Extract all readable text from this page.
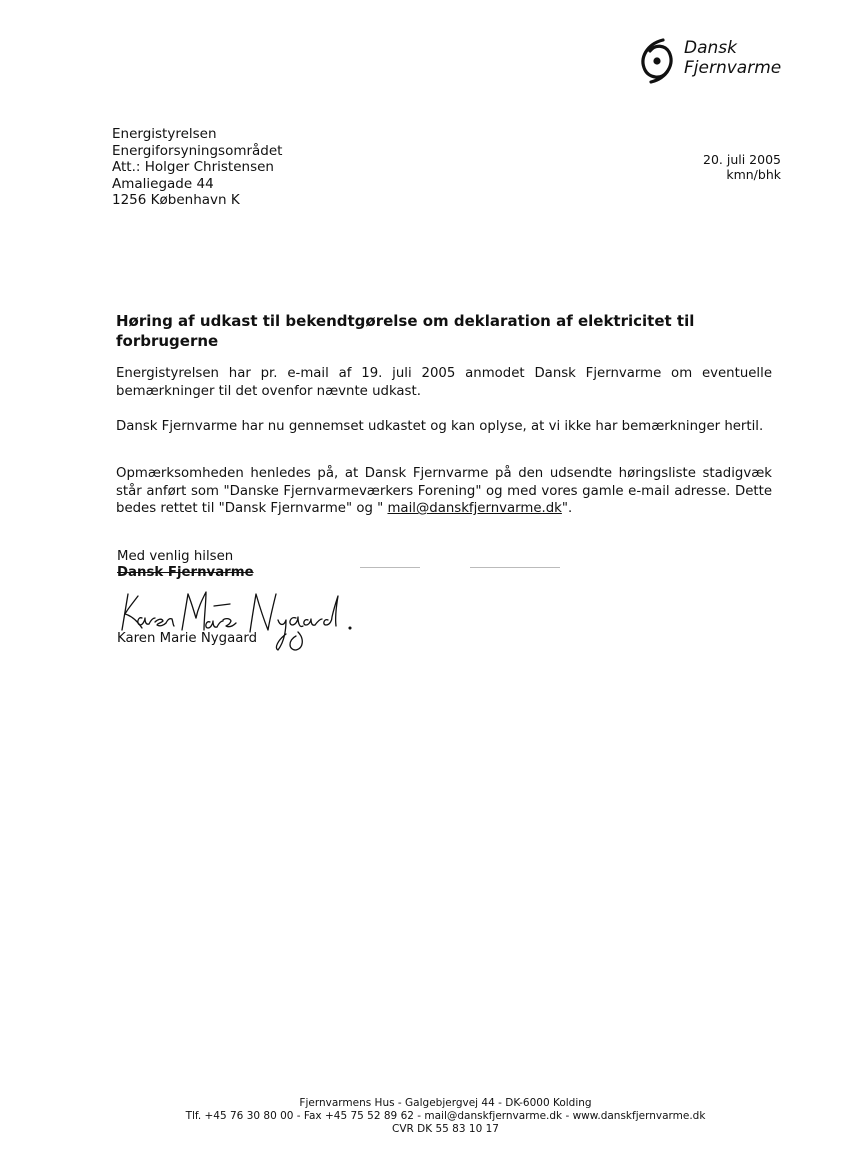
Dansk
Fjernvarme
Energistyrelsen
Energiforsyningsområdet
Att.: Holger Christensen
Amaliegade 44
1256 København K
20. juli 2005
kmn/bhk
Høring af udkast til bekendtgørelse om deklaration af elektricitet til forbrugerne
Energistyrelsen har pr. e-mail af 19. juli 2005 anmodet Dansk Fjernvarme om eventuelle bemærkninger til det ovenfor nævnte udkast.
Dansk Fjernvarme har nu gennemset udkastet og kan oplyse, at vi ikke har bemærkninger hertil.
Opmærksomheden henledes på, at Dansk Fjernvarme på den udsendte høringsliste stadigvæk står anført som "Danske Fjernvarmeværkers Forening" og med vores gamle e-mail adresse. Dette bedes rettet til "Dansk Fjernvarme" og " mail@danskfjernvarme.dk".
Med venlig hilsen
Dansk Fjernvarme
Karen Marie Nygaard
Fjernvarmens Hus - Galgebjergvej 44 - DK-6000 Kolding
Tlf. +45 76 30 80 00 - Fax +45 75 52 89 62 - mail@danskfjernvarme.dk - www.danskfjernvarme.dk
CVR DK 55 83 10 17
